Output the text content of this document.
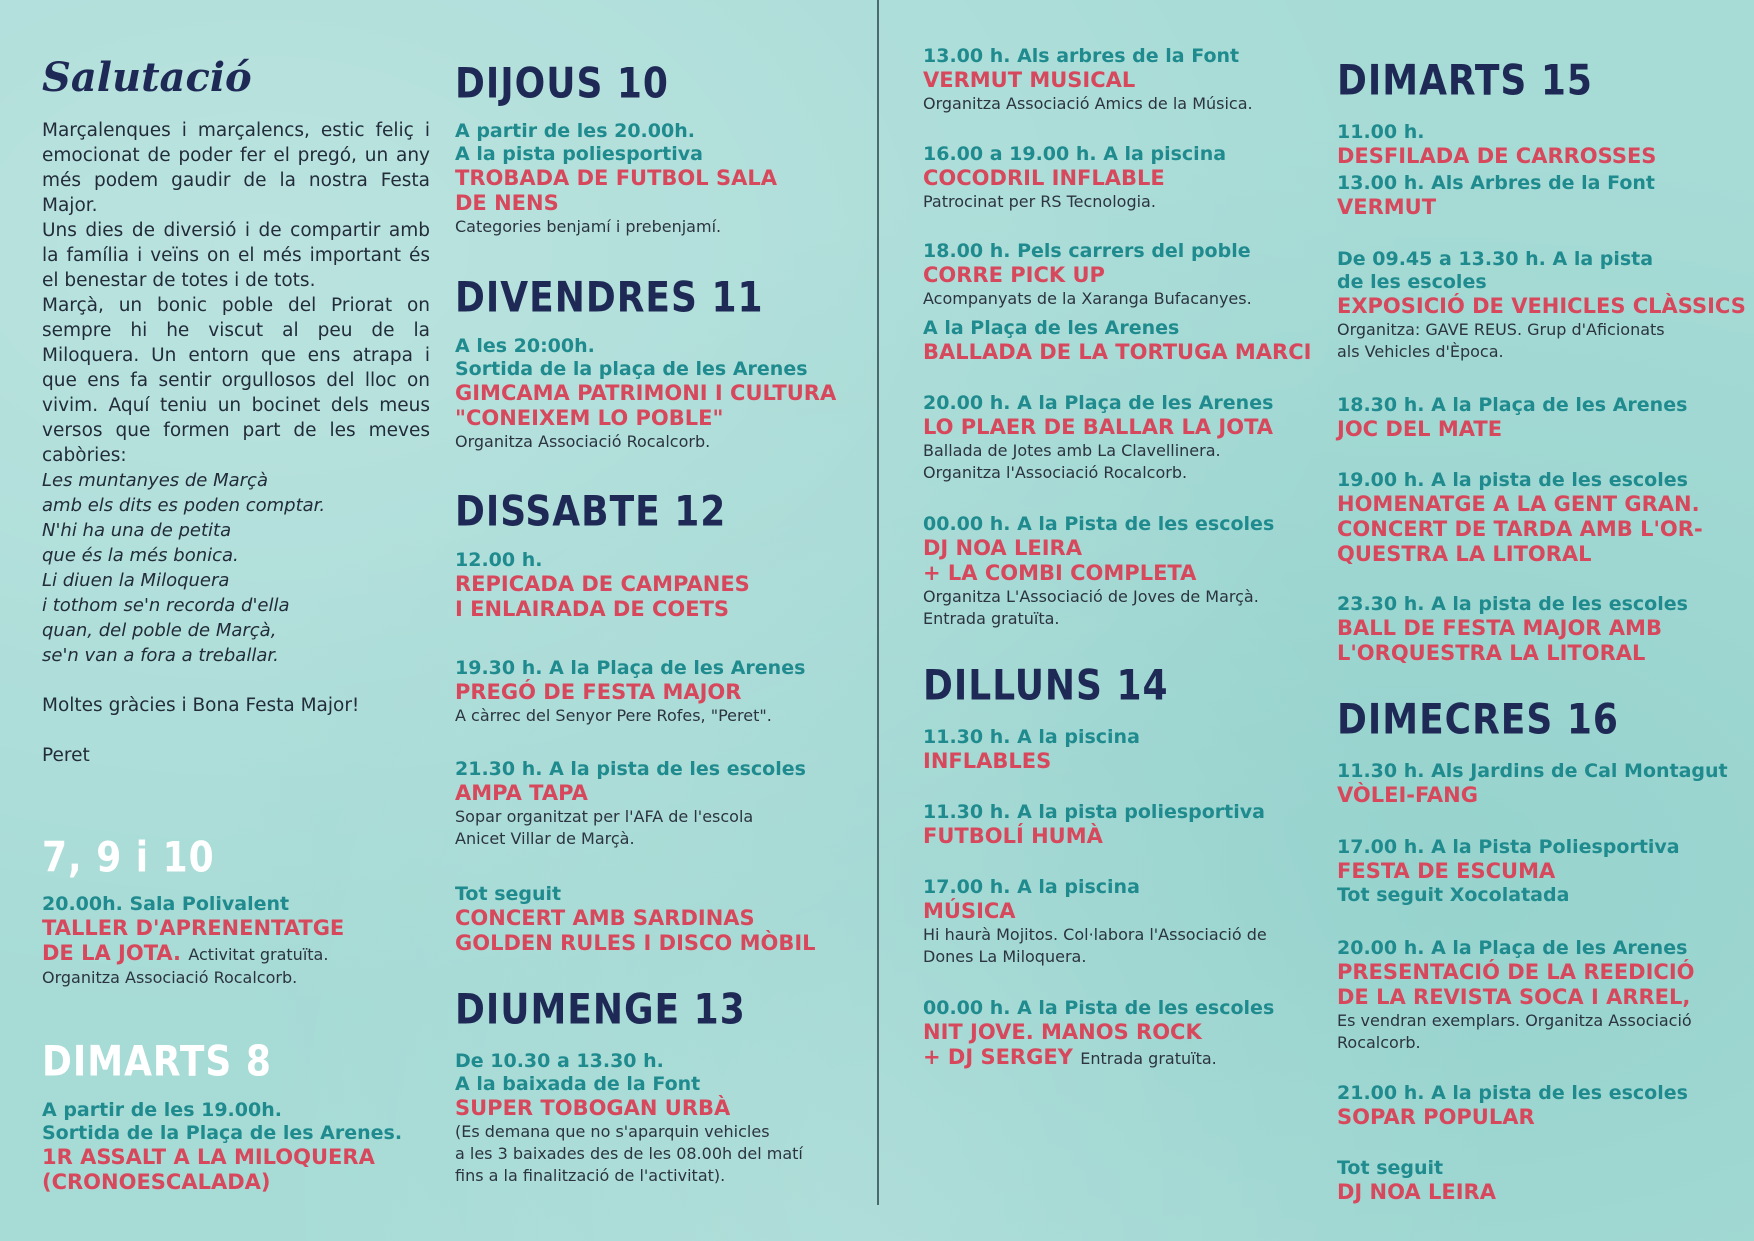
Salutació
Marçalenques i marçalencs, estic feliç i emocionat de poder fer el pregó, un any més podem gaudir de la nostra Festa Major.
Uns dies de diversió i de compartir amb la família i veïns on el més important és el benestar de totes i de tots.
Marçà, un bonic poble del Priorat on sempre hi he viscut al peu de la Miloquera. Un entorn que ens atrapa i que ens fa sentir orgullosos del lloc on vivim. Aquí teniu un bocinet dels meus versos que formen part de les meves cabòries:
Les muntanyes de Marçà
amb els dits es poden comptar.
N'hi ha una de petita
que és la més bonica.
Li diuen la Miloquera
i tothom se'n recorda d'ella
quan, del poble de Marçà,
se'n van a fora a treballar.
Moltes gràcies i Bona Festa Major!
Peret
7, 9 i 10
20.00h. Sala Polivalent
TALLER D'APRENENTATGE
DE LA JOTA. Activitat gratuïta.
Organitza Associació Rocalcorb.
DIMARTS 8
A partir de les 19.00h.
Sortida de la Plaça de les Arenes.
1R ASSALT A LA MILOQUERA
(CRONOESCALADA)
DIJOUS 10
A partir de les 20.00h.
A la pista poliesportiva
TROBADA DE FUTBOL SALA
DE NENS
Categories benjamí i prebenjamí.
DIVENDRES 11
A les 20:00h.
Sortida de la plaça de les Arenes
GIMCAMA PATRIMONI I CULTURA
"CONEIXEM LO POBLE"
Organitza Associació Rocalcorb.
DISSABTE 12
12.00 h.
REPICADA DE CAMPANES
I ENLAIRADA DE COETS
19.30 h. A la Plaça de les Arenes
PREGÓ DE FESTA MAJOR
A càrrec del Senyor Pere Rofes, "Peret".
21.30 h. A la pista de les escoles
AMPA TAPA
Sopar organitzat per l'AFA de l'escola
Anicet Villar de Marçà.
Tot seguit
CONCERT AMB SARDINAS
GOLDEN RULES I DISCO MÒBIL
DIUMENGE 13
De 10.30 a 13.30 h.
A la baixada de la Font
SUPER TOBOGAN URBÀ
(Es demana que no s'aparquin vehicles
a les 3 baixades des de les 08.00h del matí
fins a la finalització de l'activitat).
13.00 h. Als arbres de la Font
VERMUT MUSICAL
Organitza Associació Amics de la Música.
16.00 a 19.00 h. A la piscina
COCODRIL INFLABLE
Patrocinat per RS Tecnologia.
18.00 h. Pels carrers del poble
CORRE PICK UP
Acompanyats de la Xaranga Bufacanyes.
A la Plaça de les Arenes
BALLADA DE LA TORTUGA MARCI
20.00 h. A la Plaça de les Arenes
LO PLAER DE BALLAR LA JOTA
Ballada de Jotes amb La Clavellinera.
Organitza l'Associació Rocalcorb.
00.00 h. A la Pista de les escoles
DJ NOA LEIRA
+ LA COMBI COMPLETA
Organitza L'Associació de Joves de Marçà.
Entrada gratuïta.
DILLUNS 14
11.30 h. A la piscina
INFLABLES
11.30 h. A la pista poliesportiva
FUTBOLÍ HUMÀ
17.00 h. A la piscina
MÚSICA
Hi haurà Mojitos. Col·labora l'Associació de
Dones La Miloquera.
00.00 h. A la Pista de les escoles
NIT JOVE. MANOS ROCK
+ DJ SERGEY Entrada gratuïta.
DIMARTS 15
11.00 h.
DESFILADA DE CARROSSES
13.00 h. Als Arbres de la Font
VERMUT
De 09.45 a 13.30 h. A la pista
de les escoles
EXPOSICIÓ DE VEHICLES CLÀSSICS
Organitza: GAVE REUS. Grup d'Aficionats
als Vehicles d'Època.
18.30 h. A la Plaça de les Arenes
JOC DEL MATE
19.00 h. A la pista de les escoles
HOMENATGE A LA GENT GRAN.
CONCERT DE TARDA AMB L'OR-
QUESTRA LA LITORAL
23.30 h. A la pista de les escoles
BALL DE FESTA MAJOR AMB
L'ORQUESTRA LA LITORAL
DIMECRES 16
11.30 h. Als Jardins de Cal Montagut
VÒLEI-FANG
17.00 h. A la Pista Poliesportiva
FESTA DE ESCUMA
Tot seguit Xocolatada
20.00 h. A la Plaça de les Arenes
PRESENTACIÓ DE LA REEDICIÓ
DE LA REVISTA SOCA I ARREL,
Es vendran exemplars. Organitza Associació
Rocalcorb.
21.00 h. A la pista de les escoles
SOPAR POPULAR
Tot seguit
DJ NOA LEIRA
